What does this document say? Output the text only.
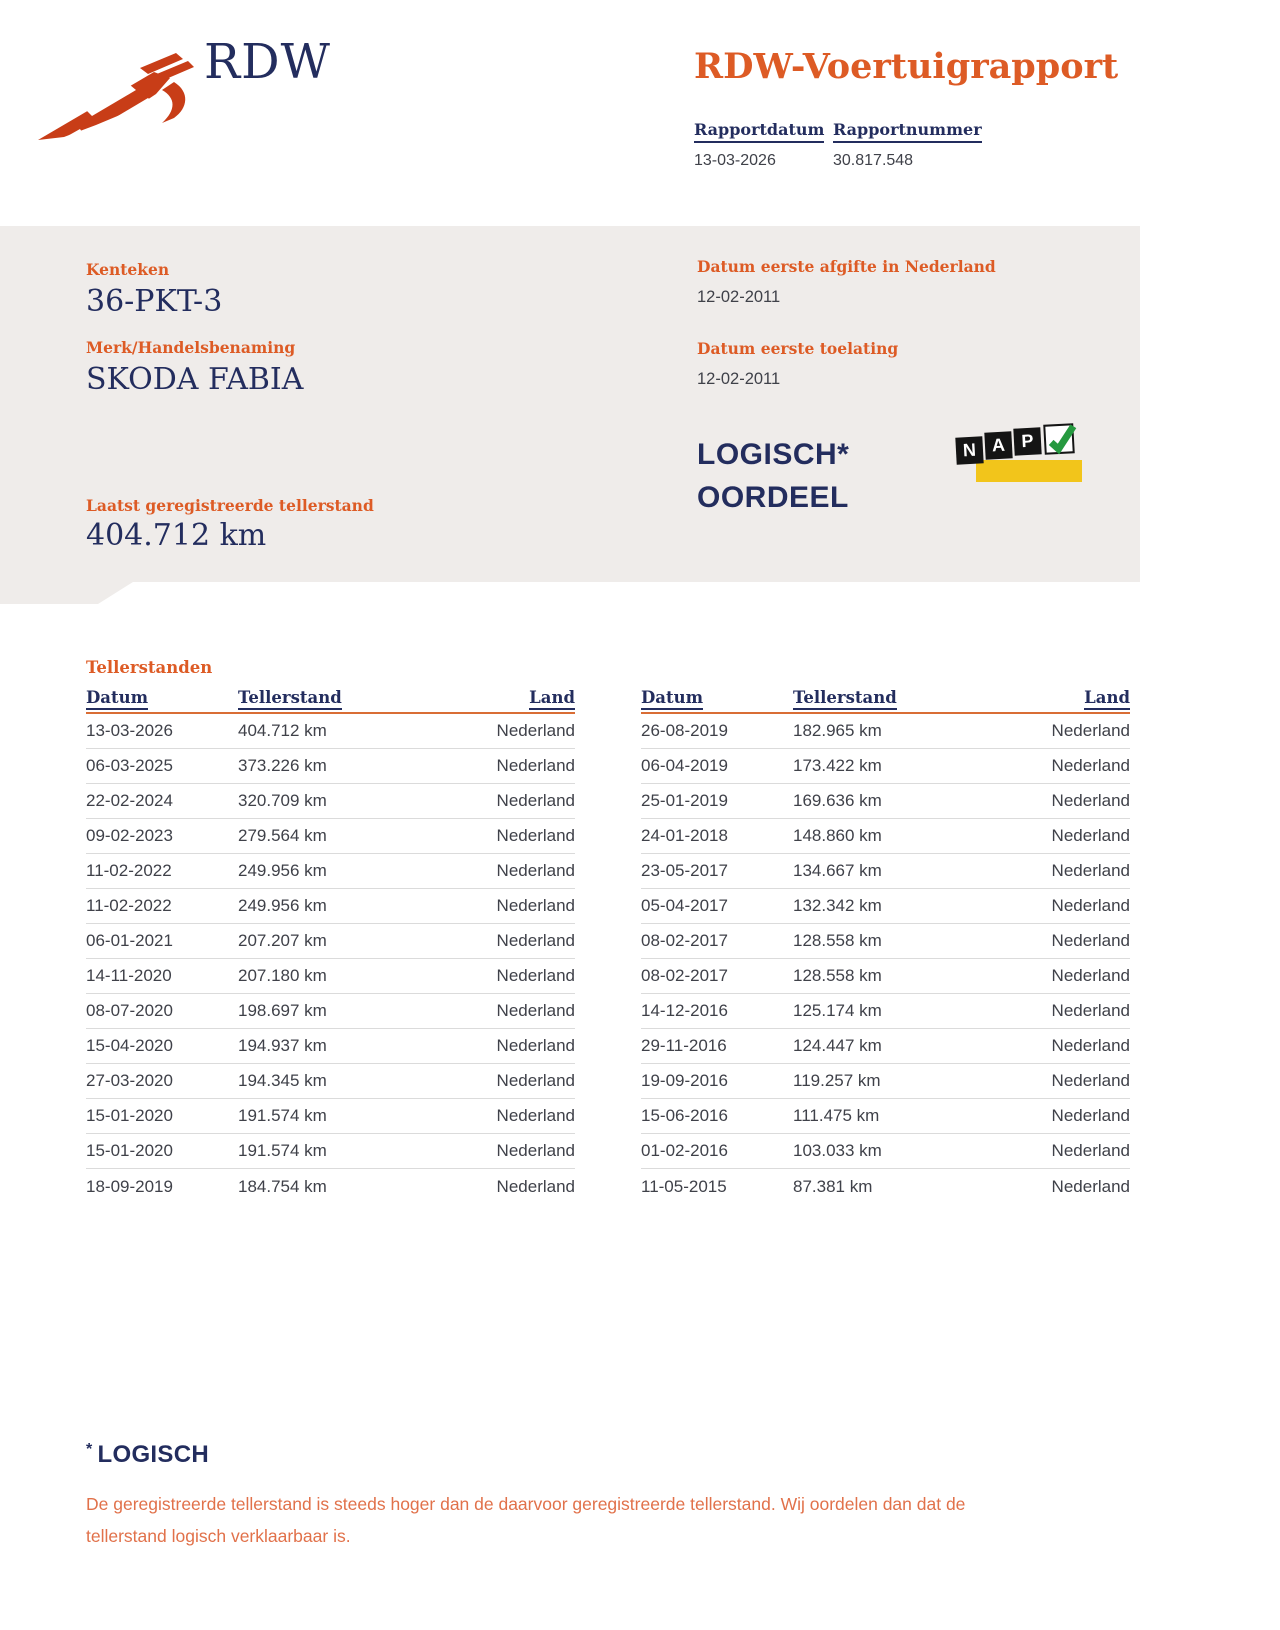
RDW	RDW-Voertuigrapport
Rapportdatum Rapportnummer
13-03-2026	30.817.548
Kenteken
36-PKT-3
Merk/Handelsbenaming
SKODA FABIA
Laatst geregistreerde tellerstand
404.712 km
Datum eerste afgifte in Nederland
12-02-2011
Datum eerste toelating
12-02-2011
LOGISCH*
OORDEEL
N A P
Tellerstanden
Datum	Tellerstand	Land
13-03-2026	404.712 km	Nederland
06-03-2025	373.226 km	Nederland
22-02-2024	320.709 km	Nederland
09-02-2023	279.564 km	Nederland
11-02-2022	249.956 km	Nederland
11-02-2022	249.956 km	Nederland
06-01-2021	207.207 km	Nederland
14-11-2020	207.180 km	Nederland
08-07-2020	198.697 km	Nederland
15-04-2020	194.937 km	Nederland
27-03-2020	194.345 km	Nederland
15-01-2020	191.574 km	Nederland
15-01-2020	191.574 km	Nederland
18-09-2019	184.754 km	Nederland
Datum	Tellerstand	Land
26-08-2019	182.965 km	Nederland
06-04-2019	173.422 km	Nederland
25-01-2019	169.636 km	Nederland
24-01-2018	148.860 km	Nederland
23-05-2017	134.667 km	Nederland
05-04-2017	132.342 km	Nederland
08-02-2017	128.558 km	Nederland
08-02-2017	128.558 km	Nederland
14-12-2016	125.174 km	Nederland
29-11-2016	124.447 km	Nederland
19-09-2016	119.257 km	Nederland
15-06-2016	111.475 km	Nederland
01-02-2016	103.033 km	Nederland
11-05-2015	87.381 km	Nederland
* LOGISCH
De geregistreerde tellerstand is steeds hoger dan de daarvoor geregistreerde tellerstand. Wij oordelen dan dat de tellerstand logisch verklaarbaar is.
